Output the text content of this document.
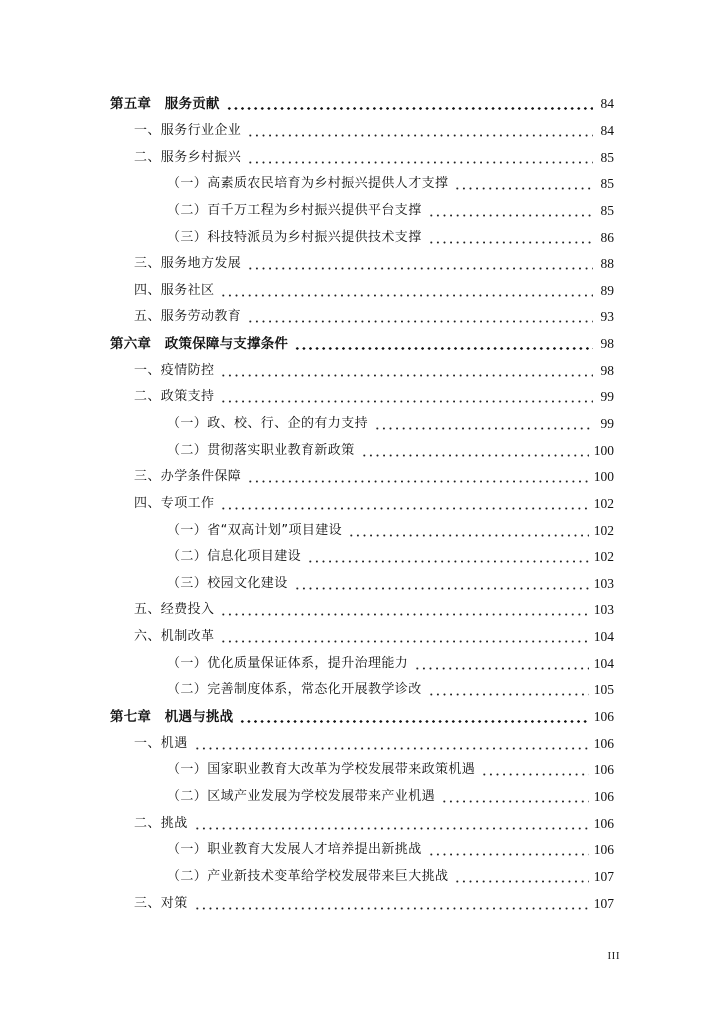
第五章　服务贡献	84
一、服务行业企业	84
二、服务乡村振兴	85
（一）高素质农民培育为乡村振兴提供人才支撑	85
（二）百千万工程为乡村振兴提供平台支撑	85
（三）科技特派员为乡村振兴提供技术支撑	86
三、服务地方发展	88
四、服务社区	89
五、服务劳动教育	93
第六章　政策保障与支撑条件	98
一、疫情防控	98
二、政策支持	99
（一）政、校、行、企的有力支持	99
（二）贯彻落实职业教育新政策	100
三、办学条件保障	100
四、专项工作	102
（一）省“双高计划”项目建设	102
（二）信息化项目建设	102
（三）校园文化建设	103
五、经费投入	103
六、机制改革	104
（一）优化质量保证体系，提升治理能力	104
（二）完善制度体系，常态化开展教学诊改	105
第七章　机遇与挑战	106
一、机遇	106
（一）国家职业教育大改革为学校发展带来政策机遇	106
（二）区域产业发展为学校发展带来产业机遇	106
二、挑战	106
（一）职业教育大发展人才培养提出新挑战	106
（二）产业新技术变革给学校发展带来巨大挑战	107
三、对策	107
III
